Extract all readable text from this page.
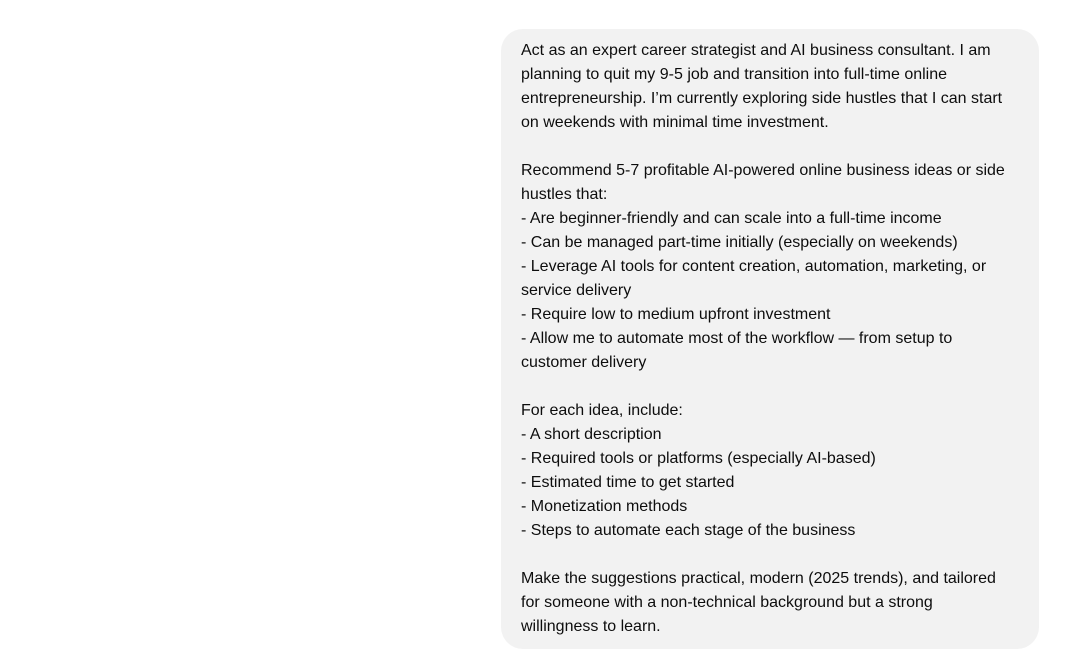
Act as an expert career strategist and AI business consultant. I am
planning to quit my 9-5 job and transition into full-time online
entrepreneurship. I’m currently exploring side hustles that I can start
on weekends with minimal time investment.

Recommend 5-7 profitable AI-powered online business ideas or side
hustles that:
- Are beginner-friendly and can scale into a full-time income
- Can be managed part-time initially (especially on weekends)
- Leverage AI tools for content creation, automation, marketing, or
service delivery
- Require low to medium upfront investment
- Allow me to automate most of the workflow — from setup to
customer delivery

For each idea, include:
- A short description
- Required tools or platforms (especially AI-based)
- Estimated time to get started
- Monetization methods
- Steps to automate each stage of the business

Make the suggestions practical, modern (2025 trends), and tailored
for someone with a non-technical background but a strong
willingness to learn.
